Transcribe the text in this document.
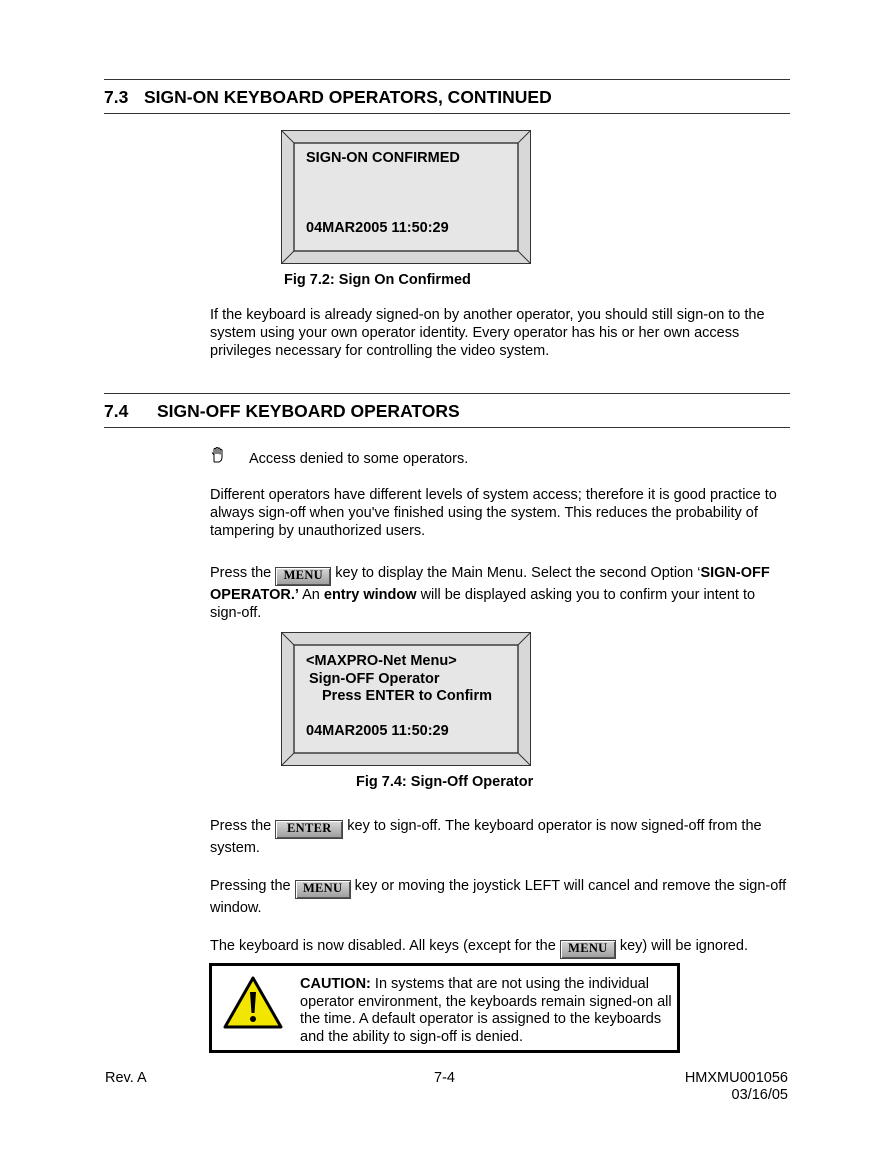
7.3 SIGN-ON KEYBOARD OPERATORS, CONTINUED
SIGN-ON CONFIRMED
04MAR2005 11:50:29
Fig 7.2: Sign On Confirmed
If the keyboard is already signed-on by another operator, you should still sign-on to the system using your own operator identity. Every operator has his or her own access privileges necessary for controlling the video system.
7.4 SIGN-OFF KEYBOARD OPERATORS
Access denied to some operators.
Different operators have different levels of system access; therefore it is good practice to always sign-off when you've finished using the system. This reduces the probability of tampering by unauthorized users.
Press the MENU key to display the Main Menu. Select the second Option ‘SIGN-OFF OPERATOR.’ An entry window will be displayed asking you to confirm your intent to sign-off.
<MAXPRO-Net Menu>
Sign-OFF Operator
Press ENTER to Confirm
04MAR2005 11:50:29
Fig 7.4: Sign-Off Operator
Press the ENTER key to sign-off. The keyboard operator is now signed-off from the system.
Pressing the MENU key or moving the joystick LEFT will cancel and remove the sign-off window.
The keyboard is now disabled. All keys (except for the MENU key) will be ignored.
CAUTION: In systems that are not using the individual operator environment, the keyboards remain signed-on all the time. A default operator is assigned to the keyboards and the ability to sign-off is denied.
Rev. A	7-4	HMXMU001056
03/16/05
